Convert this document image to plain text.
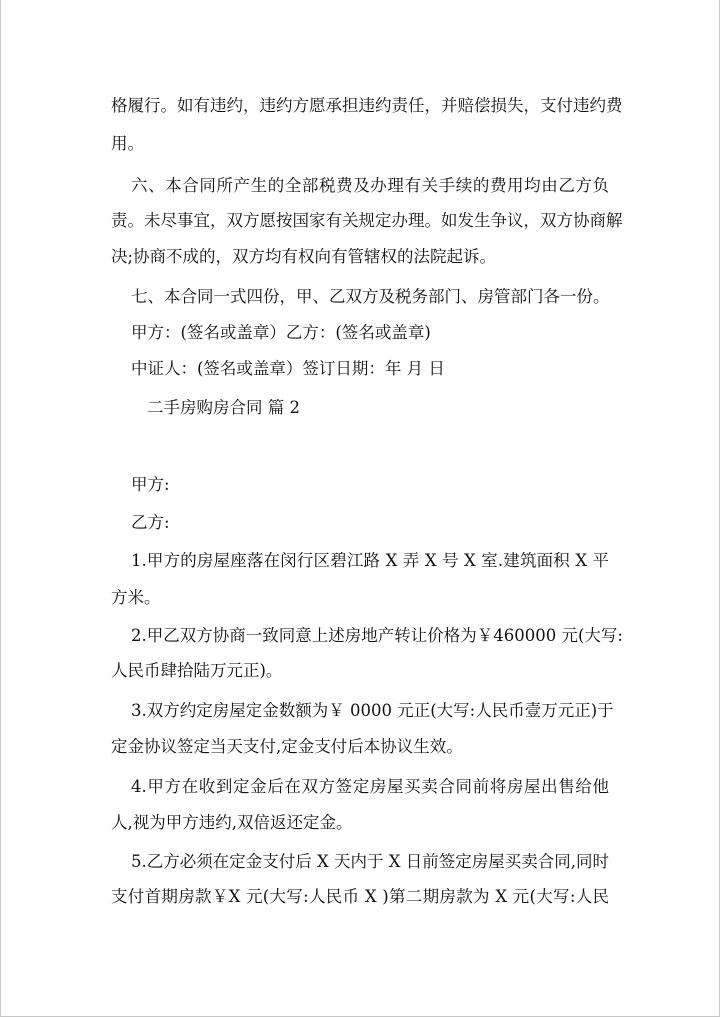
格履行。如有违约，违约方愿承担违约责任，并赔偿损失，支付违约费
用。
六、本合同所产生的全部税费及办理有关手续的费用均由乙方负
责。未尽事宜，双方愿按国家有关规定办理。如发生争议，双方协商解
决;协商不成的，双方均有权向有管辖权的法院起诉。
七、本合同一式四份，甲、乙双方及税务部门、房管部门各一份。
甲方：(签名或盖章）乙方：(签名或盖章)
中证人：(签名或盖章）签订日期：年 月 日
二手房购房合同 篇 2
甲方:
乙方:
1.甲方的房屋座落在闵行区碧江路 X 弄 X 号 X 室.建筑面积 X 平
方米。
2.甲乙双方协商一致同意上述房地产转让价格为￥460000 元(大写:
人民币肆拾陆万元正)。
3.双方约定房屋定金数额为￥ 0000 元正(大写:人民币壹万元正)于
定金协议签定当天支付,定金支付后本协议生效。
4.甲方在收到定金后在双方签定房屋买卖合同前将房屋出售给他
人,视为甲方违约,双倍返还定金。
5.乙方必须在定金支付后 X 天内于 X 日前签定房屋买卖合同,同时
支付首期房款￥X 元(大写:人民币 X )第二期房款为 X 元(大写:人民
